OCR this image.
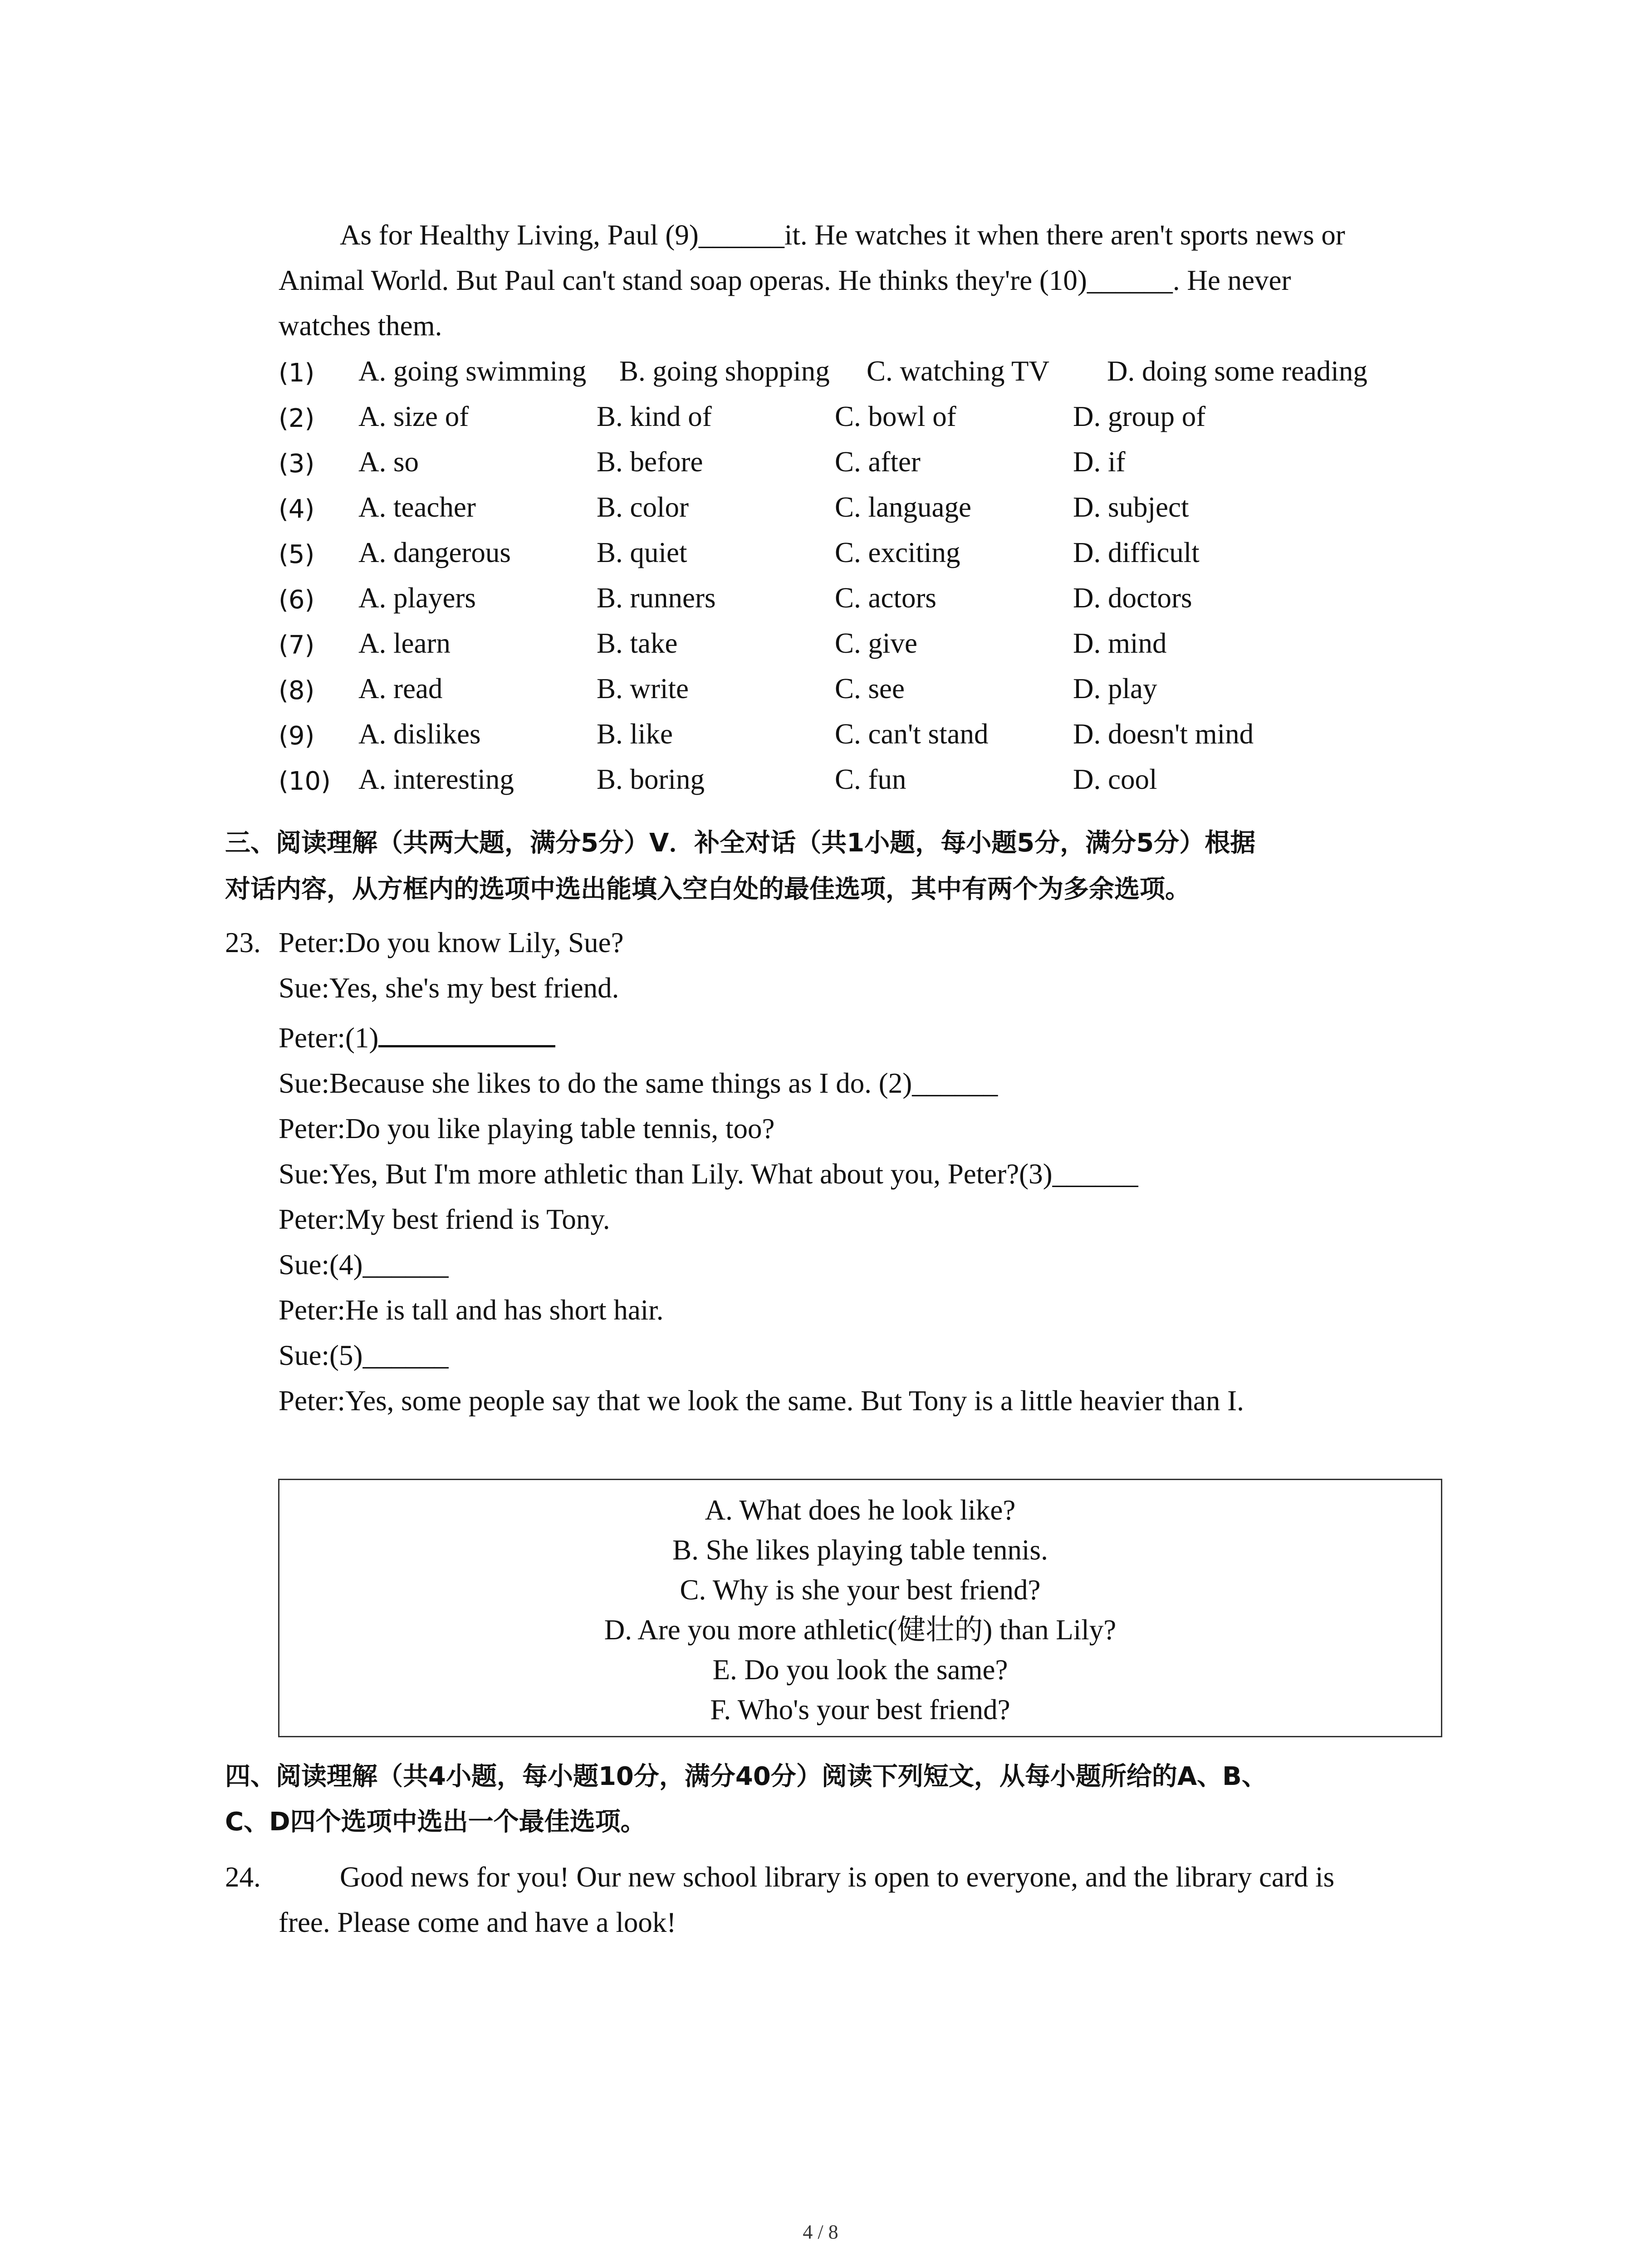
As for Healthy Living, Paul (9)______it. He watches it when there aren't sports news or
Animal World. But Paul can't stand soap operas. He thinks they're (10)______. He never
watches them.
(1) A. going swimming B. going shopping C. watching TV D. doing some reading
(2) A. size of	B. kind of	C. bowl of	D. group of
(3) A. so	B. before	C. after	D. if
(4) A. teacher	B. color	C. language	D. subject
(5) A. dangerous	B. quiet	C. exciting	D. difficult
(6) A. players	B. runners	C. actors	D. doctors
(7) A. learn	B. take	C. give	D. mind
(8) A. read	B. write	C. see	D. play
(9) A. dislikes	B. like	C. can't stand	D. doesn't mind
(10) A. interesting	B. boring	C. fun	D. cool
三、阅读理解（共两大题，满分5分）V．补全对话（共1小题，每小题5分，满分5分）根据
对话内容，从方框内的选项中选出能填入空白处的最佳选项，其中有两个为多余选项。
23. Peter:Do you know Lily, Sue?
Sue:Yes, she's my best friend.
Peter:(1)
Sue:Because she likes to do the same things as I do. (2)______
Peter:Do you like playing table tennis, too?
Sue:Yes, But I'm more athletic than Lily. What about you, Peter?(3)______
Peter:My best friend is Tony.
Sue:(4)______
Peter:He is tall and has short hair.
Sue:(5)______
Peter:Yes, some people say that we look the same. But Tony is a little heavier than I.
A. What does he look like?
B. She likes playing table tennis.
C. Why is she your best friend?
D. Are you more athletic(健壮的) than Lily?
E. Do you look the same?
F. Who's your best friend?
四、阅读理解（共4小题，每小题10分，满分40分）阅读下列短文，从每小题所给的A、B、
C、D四个选项中选出一个最佳选项。
24.	Good news for you! Our new school library is open to everyone, and the library card is
free. Please come and have a look!
4 / 8
